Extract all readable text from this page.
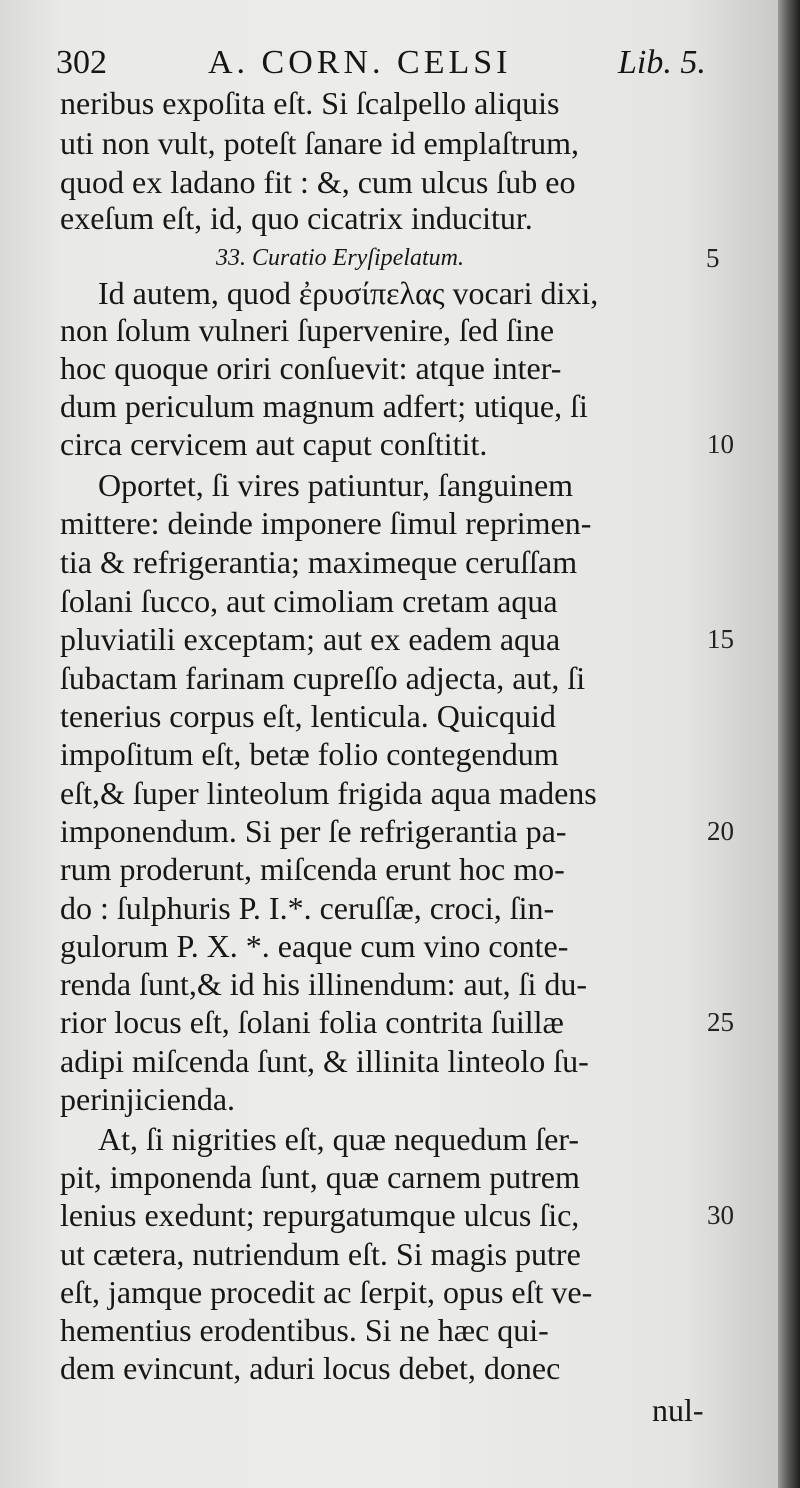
302	A. CORN. CELSI	Lib. 5.
neribus expoſita eſt. Si ſcalpello aliquis
uti non vult, poteſt ſanare id emplaſtrum,
quod ex ladano fit : &, cum ulcus ſub eo
exeſum eſt, id, quo cicatrix inducitur.
33. Curatio Eryſipelatum.	5
Id autem, quod ἐρυσίπελας vocari dixi,
non ſolum vulneri ſupervenire, ſed ſine
hoc quoque oriri conſuevit: atque inter-
dum periculum magnum adfert; utique, ſi
circa cervicem aut caput conſtitit.	10
Oportet, ſi vires patiuntur, ſanguinem
mittere: deinde imponere ſimul reprimen-
tia & refrigerantia; maximeque ceruſſam
ſolani ſucco, aut cimoliam cretam aqua
pluviatili exceptam; aut ex eadem aqua	15
ſubactam farinam cupreſſo adjecta, aut, ſi
tenerius corpus eſt, lenticula. Quicquid
impoſitum eſt, betæ folio contegendum
eſt,& ſuper linteolum frigida aqua madens
imponendum. Si per ſe refrigerantia pa-	20
rum proderunt, miſcenda erunt hoc mo-
do : ſulphuris P. I.*. ceruſſæ, croci, ſin-
gulorum P. X. *. eaque cum vino conte-
renda ſunt,& id his illinendum: aut, ſi du-
rior locus eſt, ſolani folia contrita ſuillæ	25
adipi miſcenda ſunt, & illinita linteolo ſu-
perinjicienda.
At, ſi nigrities eſt, quæ nequedum ſer-
pit, imponenda ſunt, quæ carnem putrem
lenius exedunt; repurgatumque ulcus ſic,	30
ut cætera, nutriendum eſt. Si magis putre
eſt, jamque procedit ac ſerpit, opus eſt ve-
hementius erodentibus. Si ne hæc qui-
dem evincunt, aduri locus debet, donec
nul-
